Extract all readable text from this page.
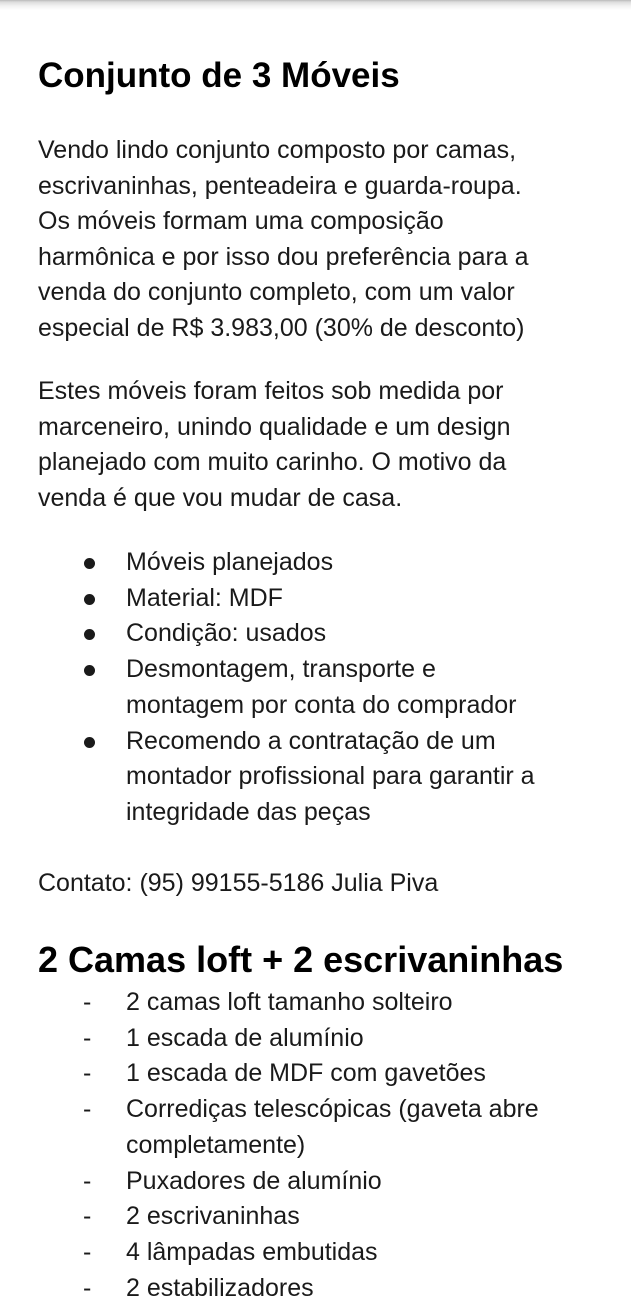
Conjunto de 3 Móveis

Vendo lindo conjunto composto por camas,
escrivaninhas, penteadeira e guarda-roupa.
Os móveis formam uma composição
harmônica e por isso dou preferência para a
venda do conjunto completo, com um valor
especial de R$ 3.983,00 (30% de desconto)

Estes móveis foram feitos sob medida por
marceneiro, unindo qualidade e um design
planejado com muito carinho. O motivo da
venda é que vou mudar de casa.

Móveis planejados
Material: MDF
Condição: usados
Desmontagem, transporte e
montagem por conta do comprador
Recomendo a contratação de um
montador profissional para garantir a
integridade das peças

Contato: (95) 99155-5186 Julia Piva

2 Camas loft + 2 escrivaninhas
- 2 camas loft tamanho solteiro
- 1 escada de alumínio
- 1 escada de MDF com gavetões
- Corrediças telescópicas (gaveta abre
completamente)
- Puxadores de alumínio
- 2 escrivaninhas
- 4 lâmpadas embutidas
- 2 estabilizadores
